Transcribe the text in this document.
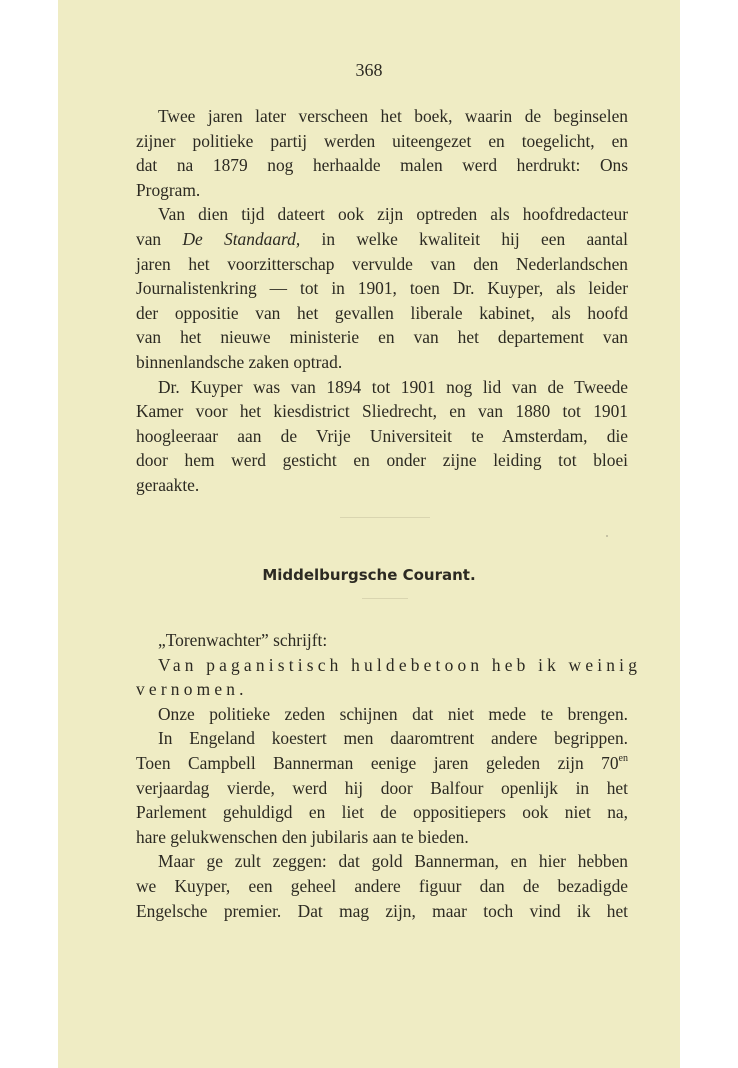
368
Twee jaren later verscheen het boek, waarin de beginselen
zijner politieke partij werden uiteengezet en toegelicht, en
dat na 1879 nog herhaalde malen werd herdrukt: Ons
Program.
Van dien tijd dateert ook zijn optreden als hoofdredacteur
van De Standaard, in welke kwaliteit hij een aantal
jaren het voorzitterschap vervulde van den Nederlandschen
Journalistenkring — tot in 1901, toen Dr. Kuyper, als leider
der oppositie van het gevallen liberale kabinet, als hoofd
van het nieuwe ministerie en van het departement van
binnenlandsche zaken optrad.
Dr. Kuyper was van 1894 tot 1901 nog lid van de Tweede
Kamer voor het kiesdistrict Sliedrecht, en van 1880 tot 1901
hoogleeraar aan de Vrije Universiteit te Amsterdam, die
door hem werd gesticht en onder zijne leiding tot bloei
geraakte.
Middelburgsche Courant.
„Torenwachter” schrijft:
Van paganistisch huldebetoon heb ik weinig
vernomen.
Onze politieke zeden schijnen dat niet mede te brengen.
In Engeland koestert men daaromtrent andere begrippen.
Toen Campbell Bannerman eenige jaren geleden zijn $70^{en}$
verjaardag vierde, werd hij door Balfour openlijk in het
Parlement gehuldigd en liet de oppositiepers ook niet na,
hare gelukwenschen den jubilaris aan te bieden.
Maar ge zult zeggen: dat gold Bannerman, en hier hebben
we Kuyper, een geheel andere figuur dan de bezadigde
Engelsche premier. Dat mag zijn, maar toch vind ik het
